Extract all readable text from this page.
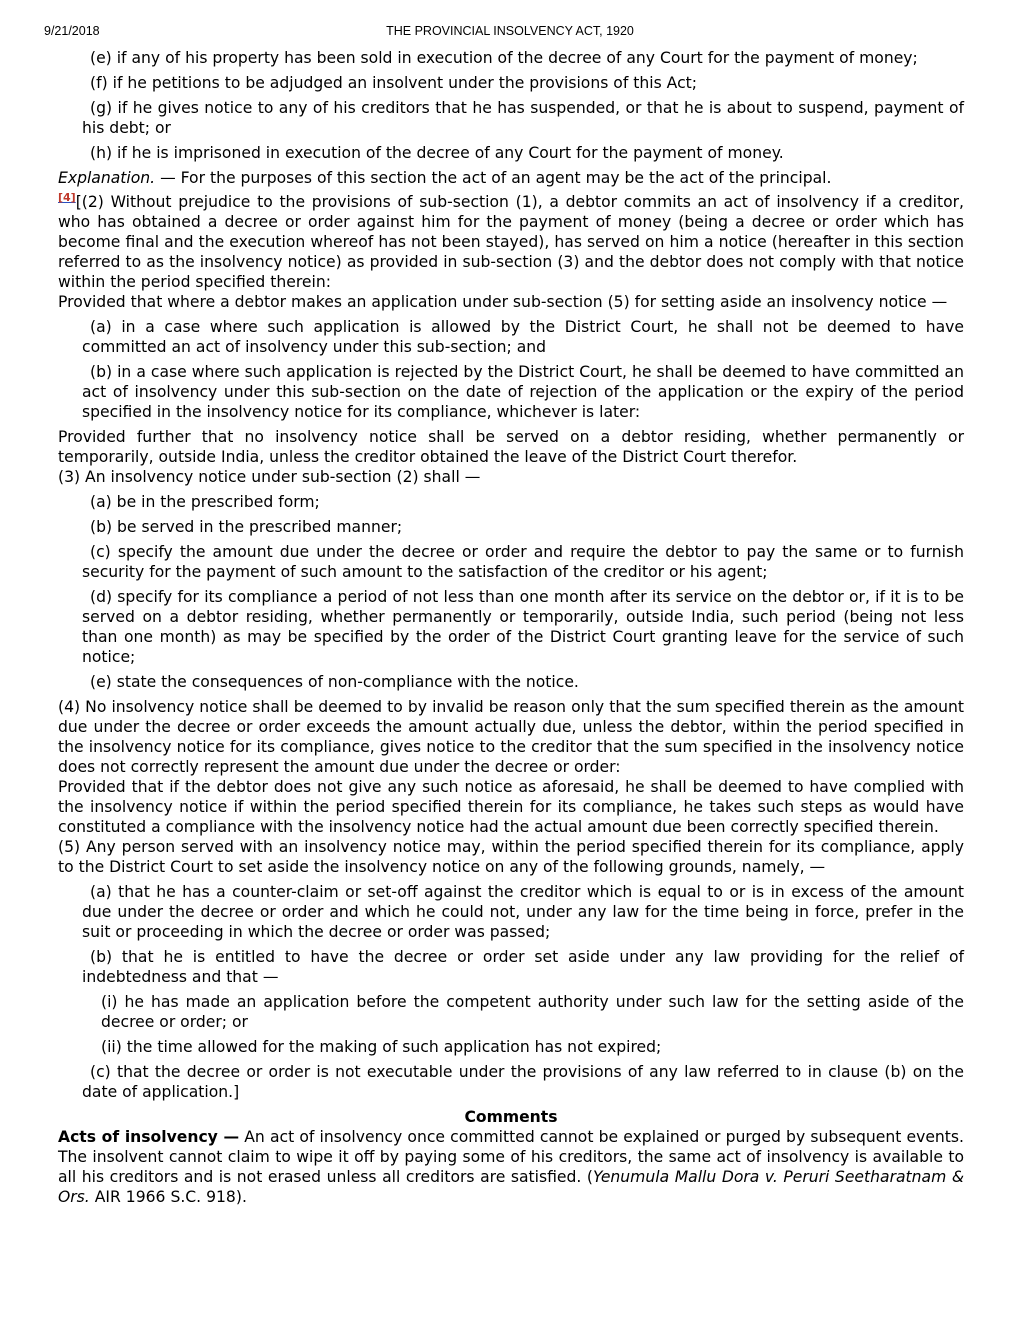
9/21/2018	THE PROVINCIAL INSOLVENCY ACT, 1920

(e) if any of his property has been sold in execution of the decree of any Court for the payment of money;

(f) if he petitions to be adjudged an insolvent under the provisions of this Act;

(g) if he gives notice to any of his creditors that he has suspended, or that he is about to suspend, payment of his debt; or

(h) if he is imprisoned in execution of the decree of any Court for the payment of money.

Explanation. — For the purposes of this section the act of an agent may be the act of the principal.

[4][(2) Without prejudice to the provisions of sub-section (1), a debtor commits an act of insolvency if a creditor, who has obtained a decree or order against him for the payment of money (being a decree or order which has become final and the execution whereof has not been stayed), has served on him a notice (hereafter in this section referred to as the insolvency notice) as provided in sub-section (3) and the debtor does not comply with that notice within the period specified therein:

Provided that where a debtor makes an application under sub-section (5) for setting aside an insolvency notice —

(a) in a case where such application is allowed by the District Court, he shall not be deemed to have committed an act of insolvency under this sub-section; and

(b) in a case where such application is rejected by the District Court, he shall be deemed to have committed an act of insolvency under this sub-section on the date of rejection of the application or the expiry of the period specified in the insolvency notice for its compliance, whichever is later:

Provided further that no insolvency notice shall be served on a debtor residing, whether permanently or temporarily, outside India, unless the creditor obtained the leave of the District Court therefor.

(3) An insolvency notice under sub-section (2) shall —

(a) be in the prescribed form;

(b) be served in the prescribed manner;

(c) specify the amount due under the decree or order and require the debtor to pay the same or to furnish security for the payment of such amount to the satisfaction of the creditor or his agent;

(d) specify for its compliance a period of not less than one month after its service on the debtor or, if it is to be served on a debtor residing, whether permanently or temporarily, outside India, such period (being not less than one month) as may be specified by the order of the District Court granting leave for the service of such notice;

(e) state the consequences of non-compliance with the notice.

(4) No insolvency notice shall be deemed to by invalid be reason only that the sum specified therein as the amount due under the decree or order exceeds the amount actually due, unless the debtor, within the period specified in the insolvency notice for its compliance, gives notice to the creditor that the sum specified in the insolvency notice does not correctly represent the amount due under the decree or order:

Provided that if the debtor does not give any such notice as aforesaid, he shall be deemed to have complied with the insolvency notice if within the period specified therein for its compliance, he takes such steps as would have constituted a compliance with the insolvency notice had the actual amount due been correctly specified therein.

(5) Any person served with an insolvency notice may, within the period specified therein for its compliance, apply to the District Court to set aside the insolvency notice on any of the following grounds, namely, —

(a) that he has a counter-claim or set-off against the creditor which is equal to or is in excess of the amount due under the decree or order and which he could not, under any law for the time being in force, prefer in the suit or proceeding in which the decree or order was passed;

(b) that he is entitled to have the decree or order set aside under any law providing for the relief of indebtedness and that —

(i) he has made an application before the competent authority under such law for the setting aside of the decree or order; or

(ii) the time allowed for the making of such application has not expired;

(c) that the decree or order is not executable under the provisions of any law referred to in clause (b) on the date of application.]

Comments

Acts of insolvency — An act of insolvency once committed cannot be explained or purged by subsequent events. The insolvent cannot claim to wipe it off by paying some of his creditors, the same act of insolvency is available to all his creditors and is not erased unless all creditors are satisfied. (Yenumula Mallu Dora v. Peruri Seetharatnam & Ors. AIR 1966 S.C. 918).
